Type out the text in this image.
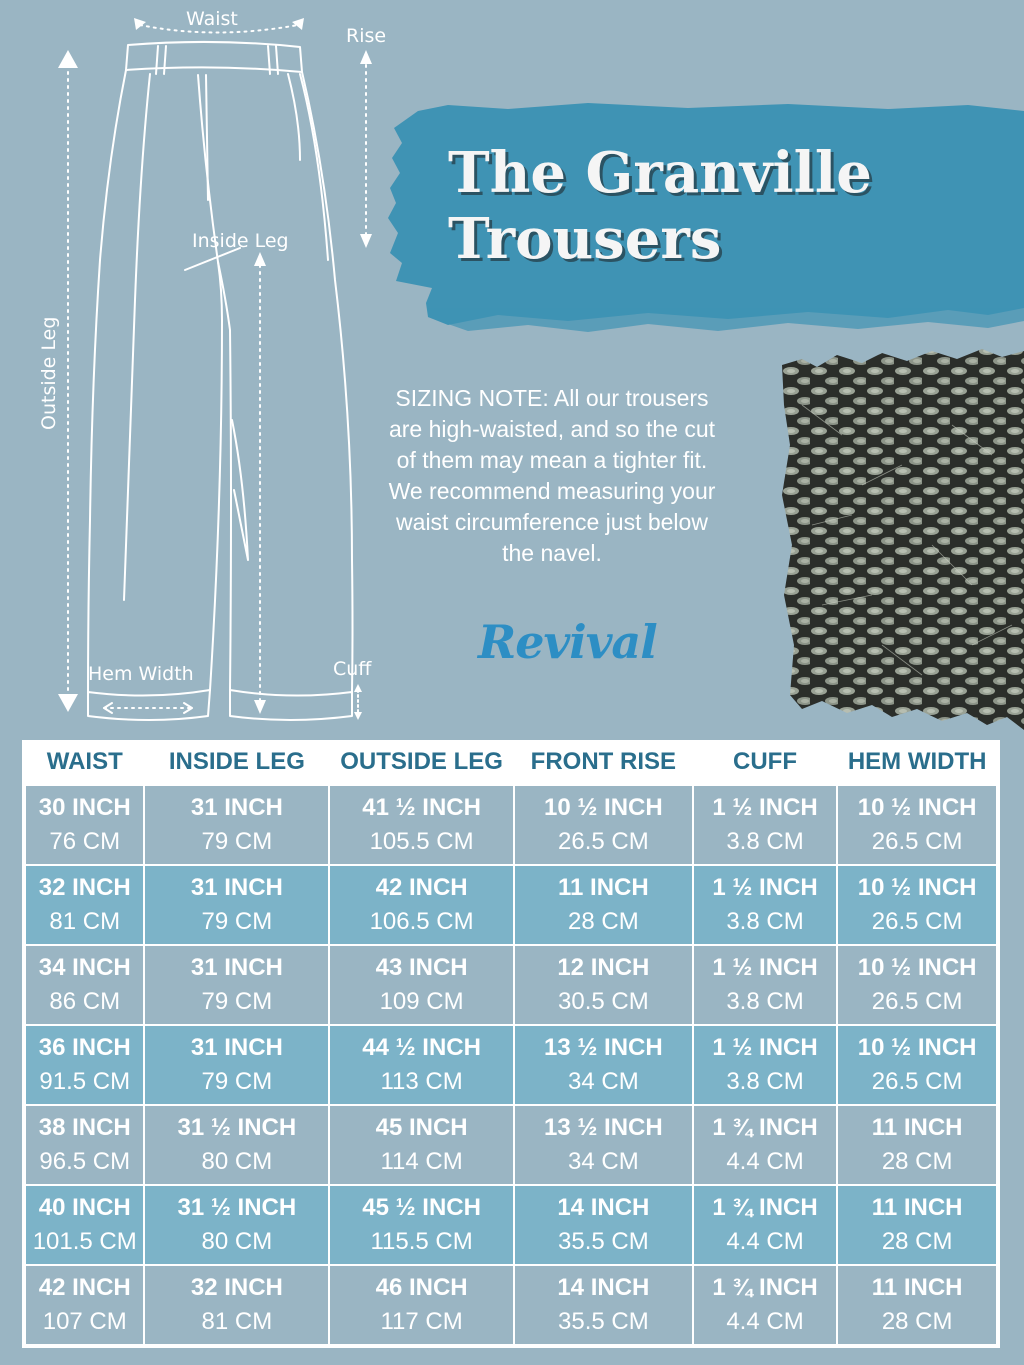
Waist
Rise
Inside Leg
Outside Leg
Hem Width	Cuff
The Granville
Trousers
SIZING NOTE: All our trousers are high-waisted, and so the cut of them may mean a tighter fit. We recommend measuring your waist circumference just below the navel.
Revival
WAIST	INSIDE LEG	OUTSIDE LEG	FRONT RISE	CUFF	HEM WIDTH

30 INCH
76 CM	31 INCH
79 CM	41 ½ INCH
105.5 CM	10 ½ INCH
26.5 CM	1 ½ INCH
3.8 CM	10 ½ INCH
26.5 CM

32 INCH
81 CM	31 INCH
79 CM	42 INCH
106.5 CM	11 INCH
28 CM	1 ½ INCH
3.8 CM	10 ½ INCH
26.5 CM

34 INCH
86 CM	31 INCH
79 CM	43 INCH
109 CM	12 INCH
30.5 CM	1 ½ INCH
3.8 CM	10 ½ INCH
26.5 CM

36 INCH
91.5 CM	31 INCH
79 CM	44 ½ INCH
113 CM	13 ½ INCH
34 CM	1 ½ INCH
3.8 CM	10 ½ INCH
26.5 CM

38 INCH
96.5 CM	31 ½ INCH
80 CM	45 INCH
114 CM	13 ½ INCH
34 CM	1 ¾ INCH
4.4 CM	11 INCH
28 CM

40 INCH
101.5 CM	31 ½ INCH
80 CM	45 ½ INCH
115.5 CM	14 INCH
35.5 CM	1 ¾ INCH
4.4 CM	11 INCH
28 CM

42 INCH
107 CM	32 INCH
81 CM	46 INCH
117 CM	14 INCH
35.5 CM	1 ¾ INCH
4.4 CM	11 INCH
28 CM
